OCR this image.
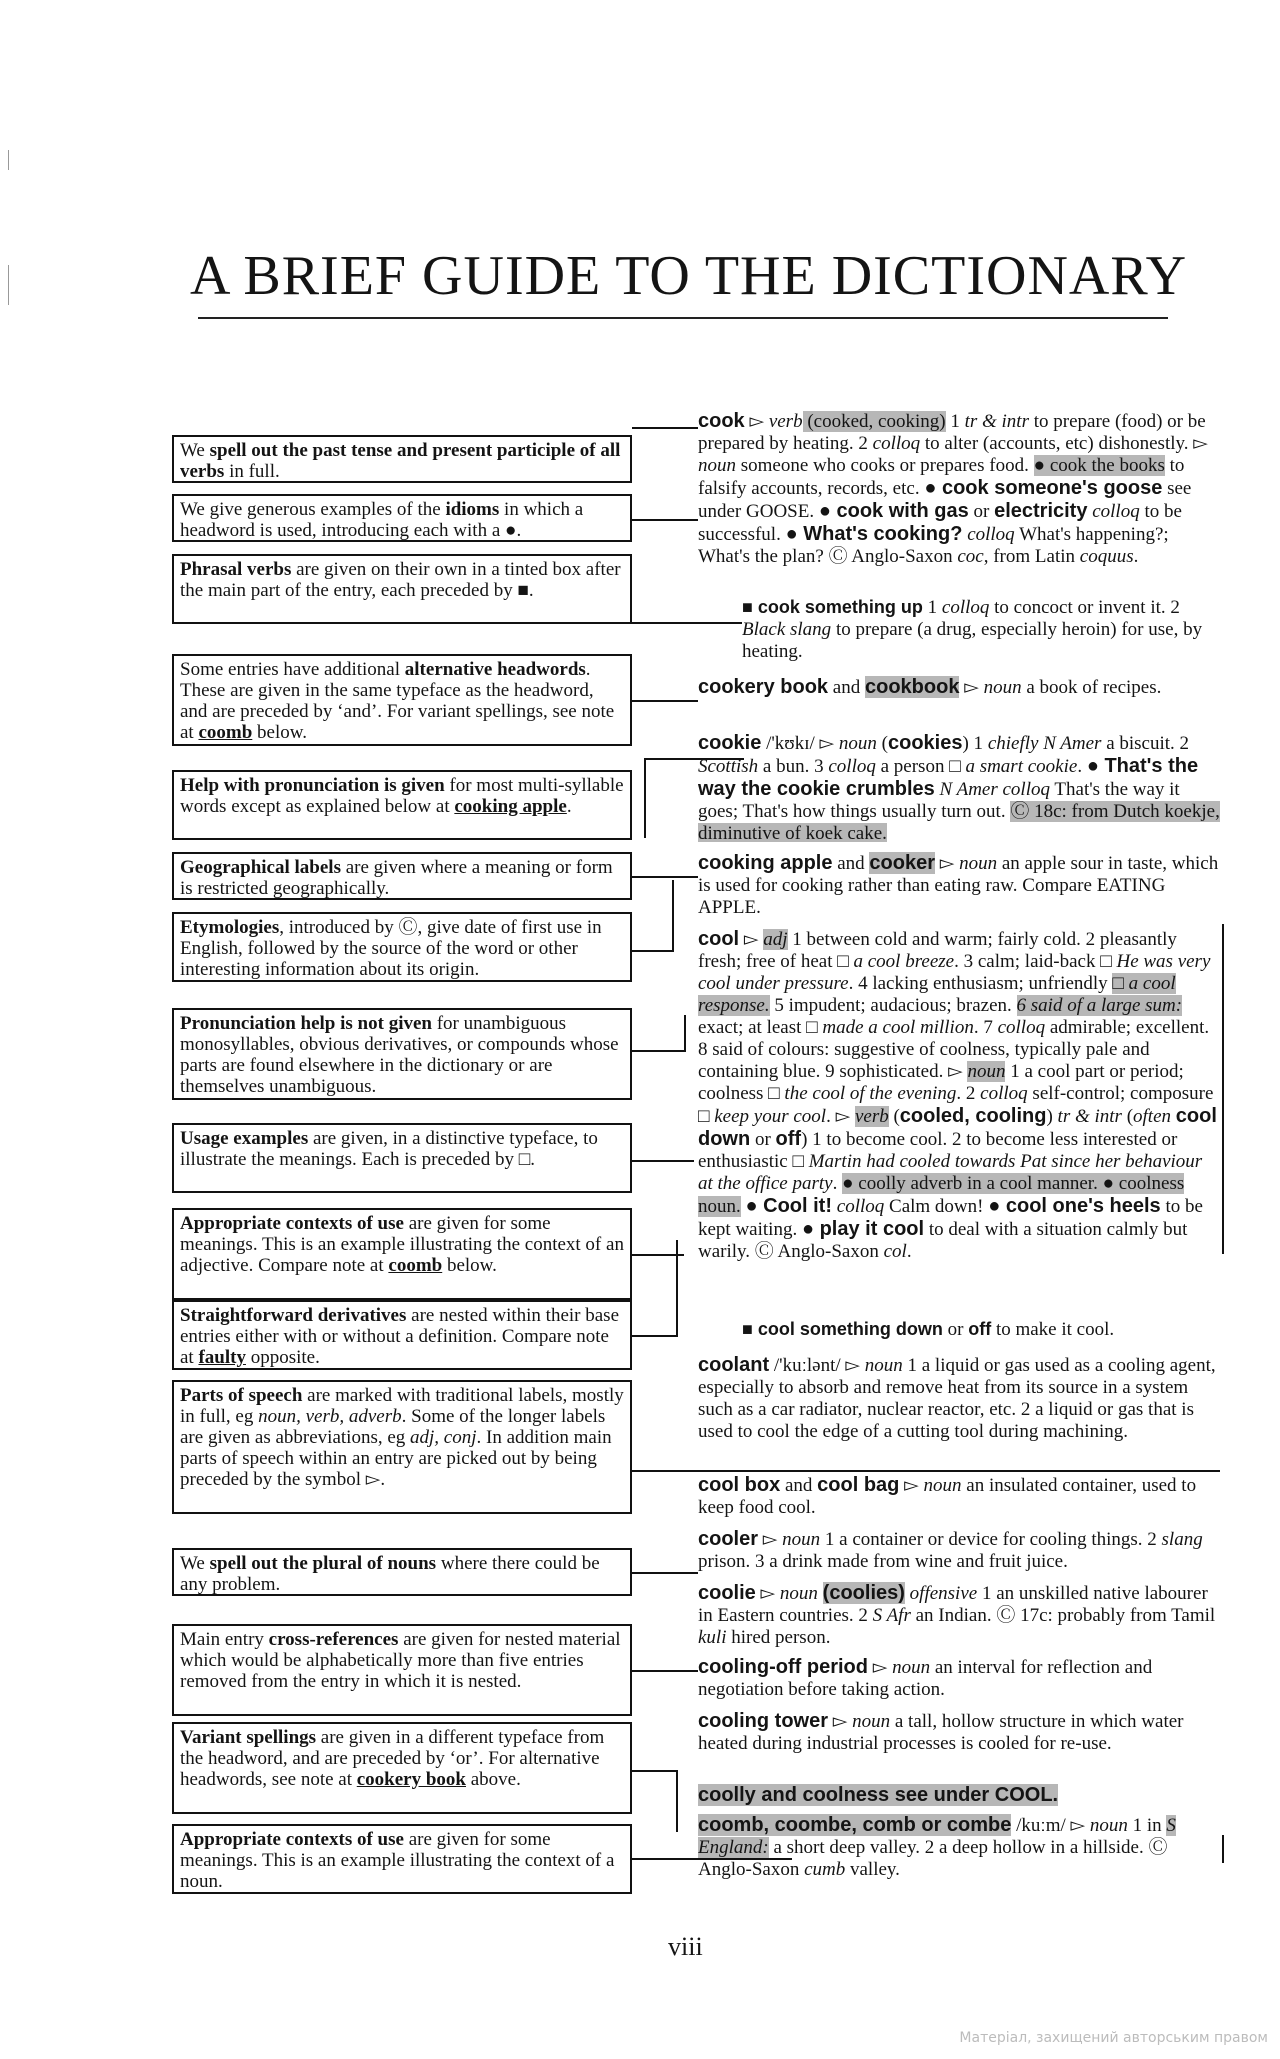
A BRIEF GUIDE TO THE DICTIONARY
We spell out the past tense and present participle of all verbs in full.
We give generous examples of the idioms in which a headword is used, introducing each with a ●.
Phrasal verbs are given on their own in a tinted box after the main part of the entry, each preceded by ■.
Some entries have additional alternative headwords. These are given in the same typeface as the headword, and are preceded by ‘and’. For variant spellings, see note at coomb below.
Help with pronunciation is given for most multi-syllable words except as explained below at cooking apple.
Geographical labels are given where a meaning or form is restricted geographically.
Etymologies, introduced by Ⓒ, give date of first use in English, followed by the source of the word or other interesting information about its origin.
Pronunciation help is not given for unambiguous monosyllables, obvious derivatives, or compounds whose parts are found elsewhere in the dictionary or are themselves unambiguous.
Usage examples are given, in a distinctive typeface, to illustrate the meanings. Each is preceded by □.
Appropriate contexts of use are given for some meanings. This is an example illustrating the context of an adjective. Compare note at coomb below.
Straightforward derivatives are nested within their base entries either with or without a definition. Compare note at faulty opposite.
Parts of speech are marked with traditional labels, mostly in full, eg noun, verb, adverb. Some of the longer labels are given as abbreviations, eg adj, conj. In addition main parts of speech within an entry are picked out by being preceded by the symbol ▻.
We spell out the plural of nouns where there could be any problem.
Main entry cross-references are given for nested material which would be alphabetically more than five entries removed from the entry in which it is nested.
Variant spellings are given in a different typeface from the headword, and are preceded by ‘or’. For alternative headwords, see note at cookery book above.
Appropriate contexts of use are given for some meanings. This is an example illustrating the context of a noun.
cook ▻ verb (cooked, cooking) 1 tr & intr to prepare (food) or be prepared by heating. 2 colloq to alter (accounts, etc) dishonestly. ▻ noun someone who cooks or prepares food. ● cook the books to falsify accounts, records, etc. ● cook someone's goose see under GOOSE. ● cook with gas or electricity colloq to be successful. ● What's cooking? colloq What's happening?; What's the plan? Ⓒ Anglo-Saxon coc, from Latin coquus.
■ cook something up 1 colloq to concoct or invent it. 2 Black slang to prepare (a drug, especially heroin) for use, by heating.
cookery book and cookbook ▻ noun a book of recipes.
cookie /'kʊkɪ/ ▻ noun (cookies) 1 chiefly N Amer a biscuit. 2 Scottish a bun. 3 colloq a person □ a smart cookie. ● That's the way the cookie crumbles N Amer colloq That's the way it goes; That's how things usually turn out. Ⓒ 18c: from Dutch koekje, diminutive of koek cake.
cooking apple and cooker ▻ noun an apple sour in taste, which is used for cooking rather than eating raw. Compare EATING APPLE.
cool ▻ adj 1 between cold and warm; fairly cold. 2 pleasantly fresh; free of heat □ a cool breeze. 3 calm; laid-back □ He was very cool under pressure. 4 lacking enthusiasm; unfriendly □ a cool response. 5 impudent; audacious; brazen. 6 said of a large sum: exact; at least □ made a cool million. 7 colloq admirable; excellent. 8 said of colours: suggestive of coolness, typically pale and containing blue. 9 sophisticated. ▻ noun 1 a cool part or period; coolness □ the cool of the evening. 2 colloq self-control; composure □ keep your cool. ▻ verb (cooled, cooling) tr & intr (often cool down or off) 1 to become cool. 2 to become less interested or enthusiastic □ Martin had cooled towards Pat since her behaviour at the office party. ● coolly adverb in a cool manner. ● coolness noun. ● Cool it! colloq Calm down! ● cool one's heels to be kept waiting. ● play it cool to deal with a situation calmly but warily. Ⓒ Anglo-Saxon col.
■ cool something down or off to make it cool.
coolant /'kuːlənt/ ▻ noun 1 a liquid or gas used as a cooling agent, especially to absorb and remove heat from its source in a system such as a car radiator, nuclear reactor, etc. 2 a liquid or gas that is used to cool the edge of a cutting tool during machining.
cool box and cool bag ▻ noun an insulated container, used to keep food cool.
cooler ▻ noun 1 a container or device for cooling things. 2 slang prison. 3 a drink made from wine and fruit juice.
coolie ▻ noun (coolies) offensive 1 an unskilled native labourer in Eastern countries. 2 S Afr an Indian. Ⓒ 17c: probably from Tamil kuli hired person.
cooling-off period ▻ noun an interval for reflection and negotiation before taking action.
cooling tower ▻ noun a tall, hollow structure in which water heated during industrial processes is cooled for re-use.
coolly and coolness see under COOL.
coomb, coombe, comb or combe /kuːm/ ▻ noun 1 in S England: a short deep valley. 2 a deep hollow in a hillside. Ⓒ Anglo-Saxon cumb valley.
viii
Матеріал, захищений авторським правом
